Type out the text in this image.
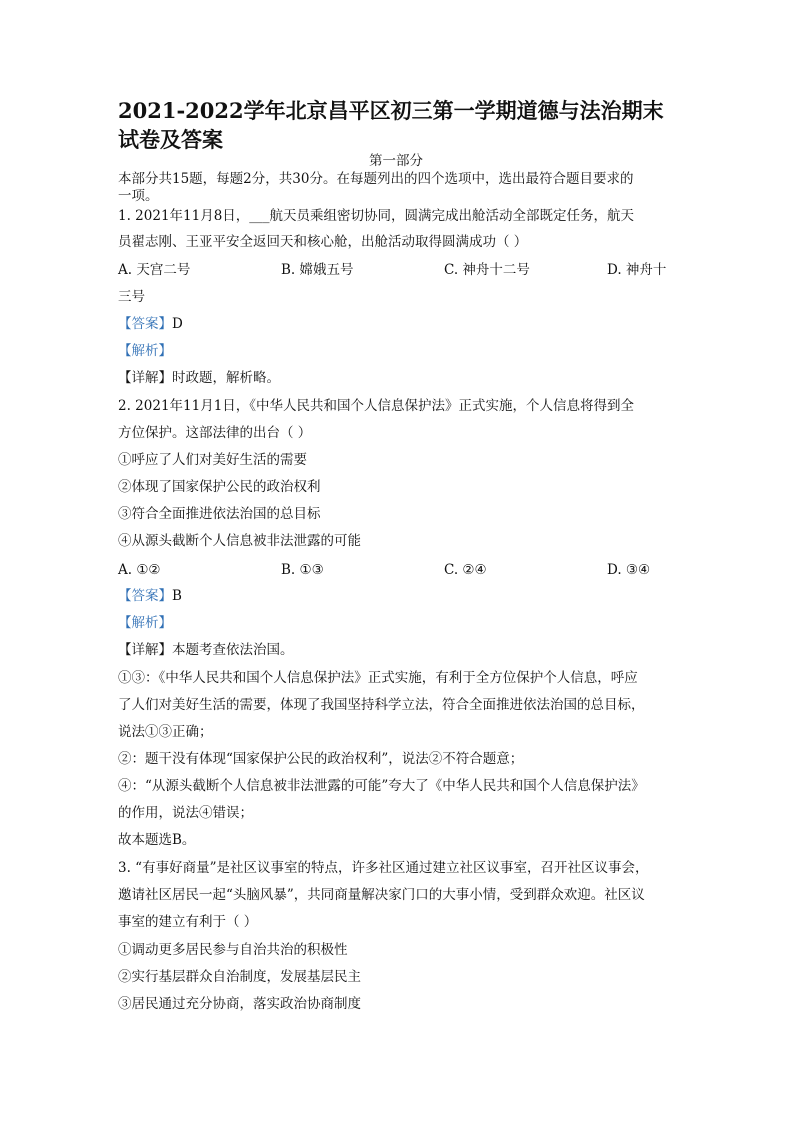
2021-2022学年北京昌平区初三第一学期道德与法治期末试卷及答案
第一部分
本部分共15题，每题2分，共30分。在每题列出的四个选项中，选出最符合题目要求的
一项。
1. 2021年11月8日，___航天员乘组密切协同，圆满完成出舱活动全部既定任务，航天
员翟志刚、王亚平安全返回天和核心舱，出舱活动取得圆满成功（ ）
A. 天宫二号	B. 嫦娥五号	C. 神舟十二号	D. 神舟十
三号
【答案】D
【解析】
【详解】时政题，解析略。
2. 2021年11月1日，《中华人民共和国个人信息保护法》正式实施，个人信息将得到全
方位保护。这部法律的出台（ ）
①呼应了人们对美好生活的需要
②体现了国家保护公民的政治权利
③符合全面推进依法治国的总目标
④从源头截断个人信息被非法泄露的可能
A. ①②	B. ①③	C. ②④	D. ③④
【答案】B
【解析】
【详解】本题考查依法治国。
①③：《中华人民共和国个人信息保护法》正式实施，有利于全方位保护个人信息，呼应
了人们对美好生活的需要，体现了我国坚持科学立法，符合全面推进依法治国的总目标，
说法①③正确；
②：题干没有体现“国家保护公民的政治权利”，说法②不符合题意；
④：“从源头截断个人信息被非法泄露的可能”夸大了《中华人民共和国个人信息保护法》
的作用，说法④错误；
故本题选B。
3. “有事好商量”是社区议事室的特点，许多社区通过建立社区议事室，召开社区议事会，
邀请社区居民一起“头脑风暴”，共同商量解决家门口的大事小情，受到群众欢迎。社区议
事室的建立有利于（ ）
①调动更多居民参与自治共治的积极性
②实行基层群众自治制度，发展基层民主
③居民通过充分协商，落实政治协商制度
